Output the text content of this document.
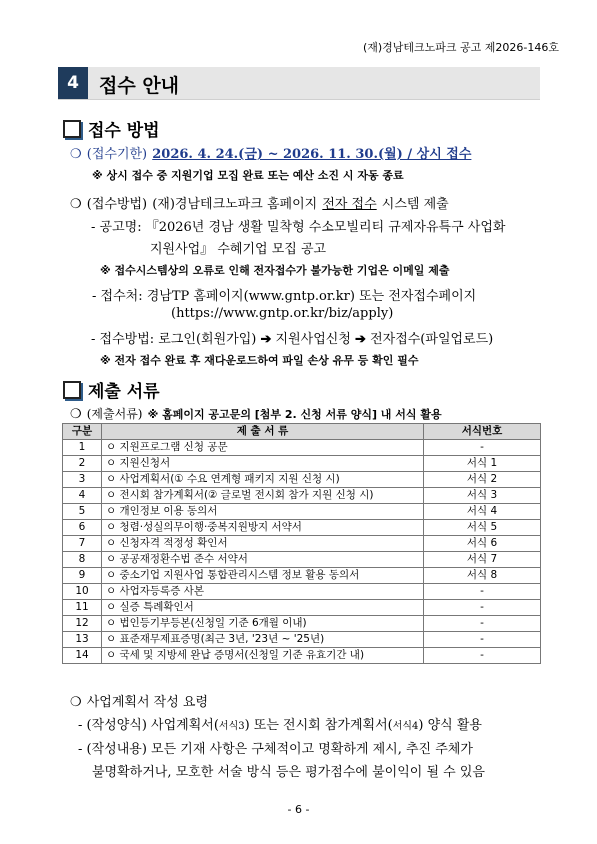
(재)경남테크노파크 공고 제2026-146호
4	접수 안내
접수 방법
❍ (접수기한) 2026. 4. 24.(금) ~ 2026. 11. 30.(월) / 상시 접수
※ 상시 접수 중 지원기업 모집 완료 또는 예산 소진 시 자동 종료
❍ (접수방법) (재)경남테크노파크 홈페이지 전자 접수 시스템 제출
- 공고명: 『2026년 경남 생활 밀착형 수소모빌리티 규제자유특구 사업화
지원사업』 수혜기업 모집 공고
※ 접수시스템상의 오류로 인해 전자접수가 불가능한 기업은 이메일 제출
- 접수처: 경남TP 홈페이지(www.gntp.or.kr) 또는 전자접수페이지
(https://www.gntp.or.kr/biz/apply)
- 접수방법: 로그인(회원가입) ➔ 지원사업신청 ➔ 전자접수(파일업로드)
※ 전자 접수 완료 후 재다운로드하여 파일 손상 유무 등 확인 필수
제출 서류
❍ (제출서류) ※ 홈페이지 공고문의 [첨부 2. 신청 서류 양식] 내 서식 활용
구분	제 출 서 류	서식번호
1	ㅇ 지원프로그램 신청 공문	-
2	ㅇ 지원신청서	서식 1
3	ㅇ 사업계획서(① 수요 연계형 패키지 지원 신청 시)	서식 2
4	ㅇ 전시회 참가계획서(② 글로벌 전시회 참가 지원 신청 시)	서식 3
5	ㅇ 개인정보 이용 동의서	서식 4
6	ㅇ 청렴·성실의무이행·중복지원방지 서약서	서식 5
7	ㅇ 신청자격 적정성 확인서	서식 6
8	ㅇ 공공재정환수법 준수 서약서	서식 7
9	ㅇ 중소기업 지원사업 통합관리시스템 정보 활용 동의서	서식 8
10	ㅇ 사업자등록증 사본	-
11	ㅇ 실증 특례확인서	-
12	ㅇ 법인등기부등본(신청일 기준 6개월 이내)	-
13	ㅇ 표준재무제표증명(최근 3년, '23년 ~ '25년)	-
14	ㅇ 국세 및 지방세 완납 증명서(신청일 기준 유효기간 내)	-
❍ 사업계획서 작성 요령
- (작성양식) 사업계획서(서식3) 또는 전시회 참가계획서(서식4) 양식 활용
- (작성내용) 모든 기재 사항은 구체적이고 명확하게 제시, 추진 주체가
불명확하거나, 모호한 서술 방식 등은 평가점수에 불이익이 될 수 있음
- 6 -
